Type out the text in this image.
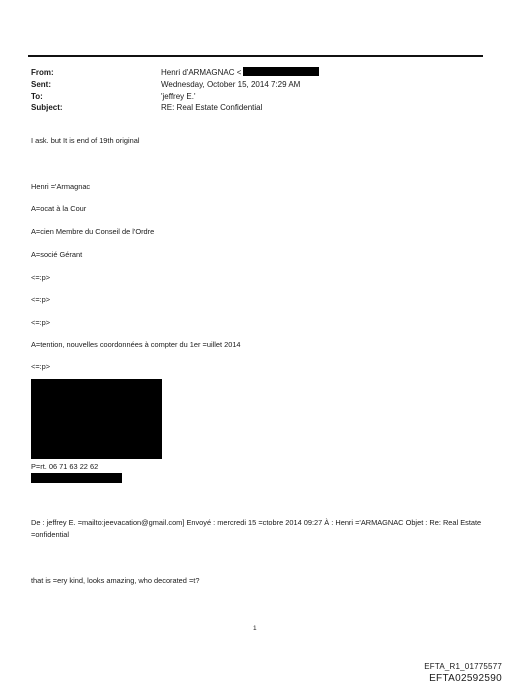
From:	Henri d'ARMAGNAC <
Sent:	Wednesday, October 15, 2014 7:29 AM
To:	'jeffrey E.'
Subject:	RE: Real Estate Confidential
I ask. but It is end of 19th original
Henri ='Armagnac
A=ocat à la Cour
A=cien Membre du Conseil de l'Ordre
A=socié Gérant
<=:p>
<=:p>
<=:p>
A=tention, nouvelles coordonnées à compter du 1er =uillet 2014
<=:p>
P=rt. 06 71 63 22 62
De : jeffrey E. =mailto:jeevacation@gmail.com] Envoyé : mercredi 15 =ctobre 2014 09:27 À : Henri ='ARMAGNAC Objet : Re: Real Estate =onfidential
that is =ery kind, looks amazing, who decorated =t?
1
EFTA_R1_01775577
EFTA02592590
